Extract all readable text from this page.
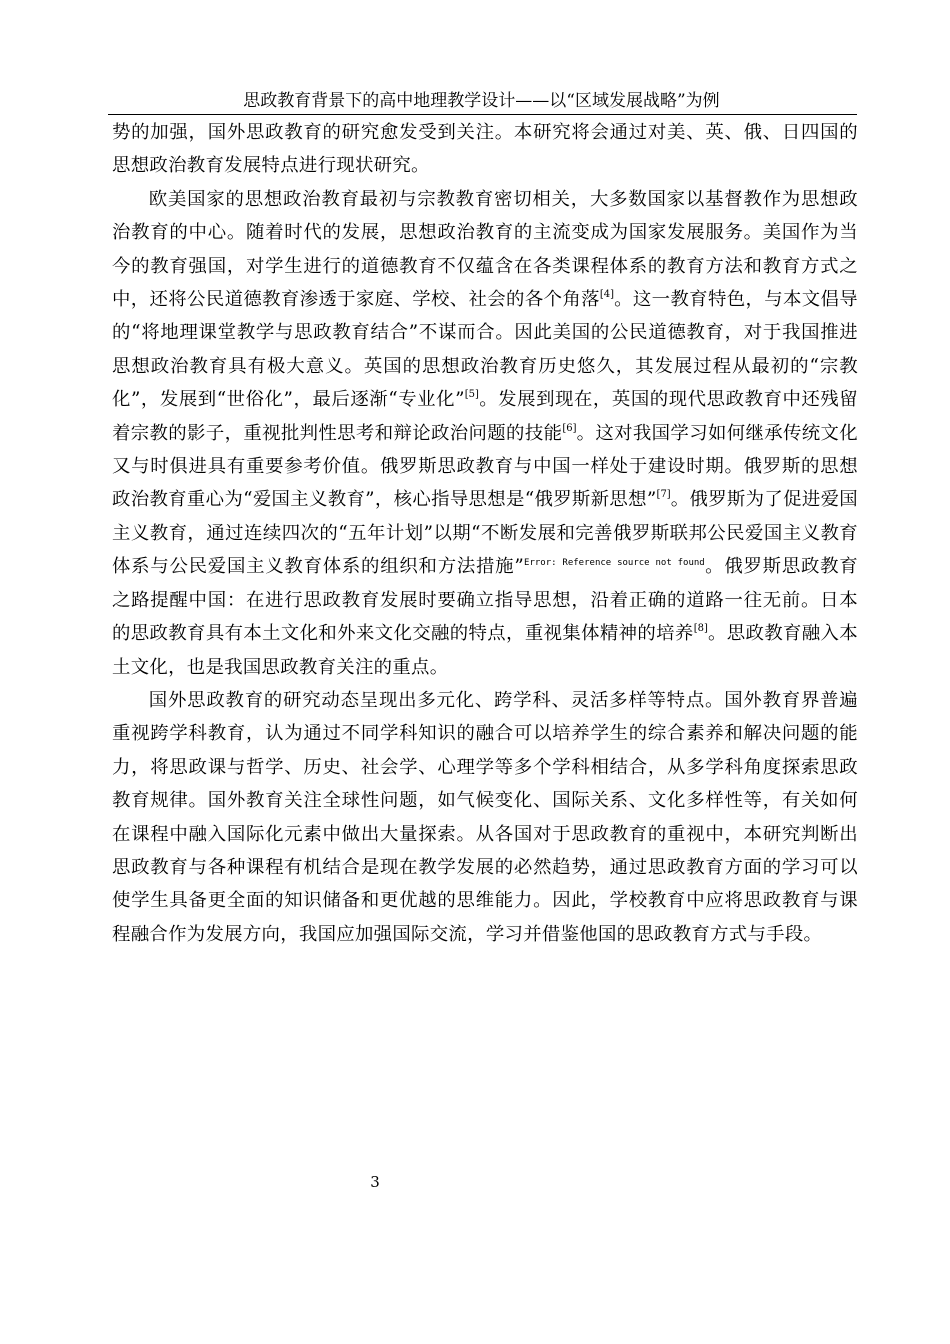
思政教育背景下的高中地理教学设计——以“区域发展战略”为例

势的加强，国外思政教育的研究愈发受到关注。本研究将会通过对美、英、俄、日四国的思想政治教育发展特点进行现状研究。

欧美国家的思想政治教育最初与宗教教育密切相关，大多数国家以基督教作为思想政治教育的中心。随着时代的发展，思想政治教育的主流变成为国家发展服务。美国作为当今的教育强国，对学生进行的道德教育不仅蕴含在各类课程体系的教育方法和教育方式之中，还将公民道德教育渗透于家庭、学校、社会的各个角落[4]。这一教育特色，与本文倡导的“将地理课堂教学与思政教育结合”不谋而合。因此美国的公民道德教育，对于我国推进思想政治教育具有极大意义。英国的思想政治教育历史悠久，其发展过程从最初的“宗教化”，发展到“世俗化”，最后逐渐“专业化”[5]。发展到现在，英国的现代思政教育中还残留着宗教的影子，重视批判性思考和辩论政治问题的技能[6]。这对我国学习如何继承传统文化又与时俱进具有重要参考价值。俄罗斯思政教育与中国一样处于建设时期。俄罗斯的思想政治教育重心为“爱国主义教育”，核心指导思想是“俄罗斯新思想”[7]。俄罗斯为了促进爱国主义教育，通过连续四次的“五年计划”以期“不断发展和完善俄罗斯联邦公民爱国主义教育体系与公民爱国主义教育体系的组织和方法措施”$^{Error: Reference source not found}$。俄罗斯思政教育之路提醒中国：在进行思政教育发展时要确立指导思想，沿着正确的道路一往无前。日本的思政教育具有本土文化和外来文化交融的特点，重视集体精神的培养[8]。思政教育融入本土文化，也是我国思政教育关注的重点。

国外思政教育的研究动态呈现出多元化、跨学科、灵活多样等特点。国外教育界普遍重视跨学科教育，认为通过不同学科知识的融合可以培养学生的综合素养和解决问题的能力，将思政课与哲学、历史、社会学、心理学等多个学科相结合，从多学科角度探索思政教育规律。国外教育关注全球性问题，如气候变化、国际关系、文化多样性等，有关如何在课程中融入国际化元素中做出大量探索。从各国对于思政教育的重视中，本研究判断出思政教育与各种课程有机结合是现在教学发展的必然趋势，通过思政教育方面的学习可以使学生具备更全面的知识储备和更优越的思维能力。因此，学校教育中应将思政教育与课程融合作为发展方向，我国应加强国际交流，学习并借鉴他国的思政教育方式与手段。

3
